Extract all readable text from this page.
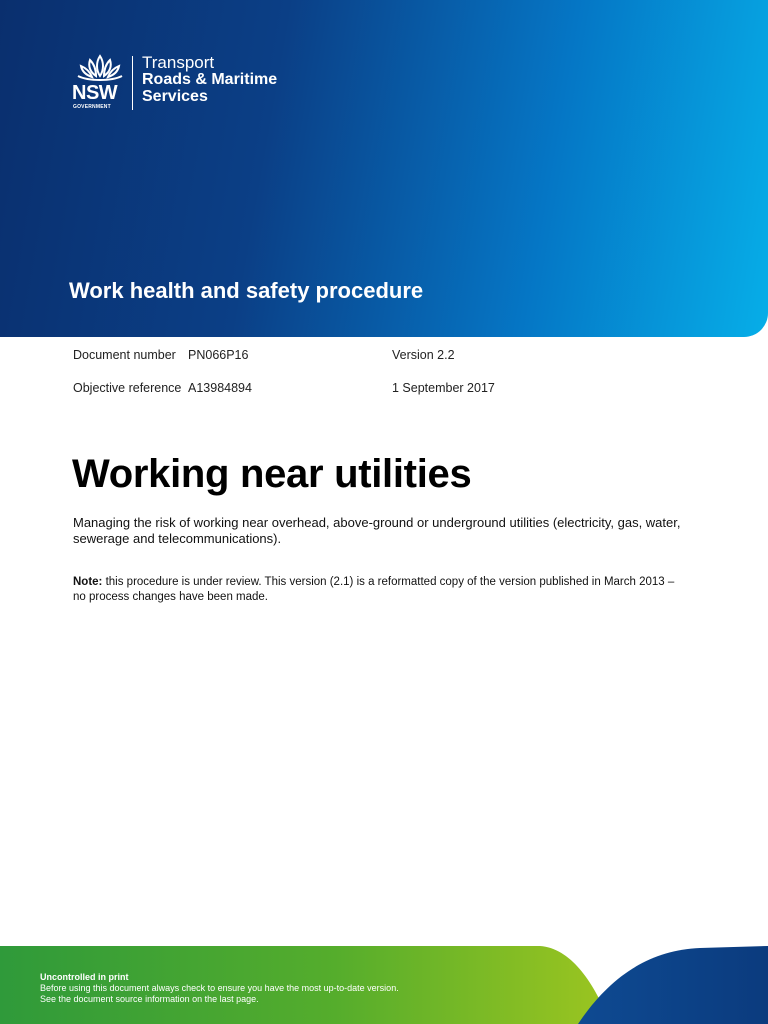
NSW
GOVERNMENT
Transport
Roads & Maritime
Services
Work health and safety procedure
Document number PN066P16	Version 2.2
Objective reference A13984894	1 September 2017
Working near utilities

Managing the risk of working near overhead, above-ground or underground utilities (electricity, gas, water, sewerage and telecommunications).

Note: this procedure is under review. This version (2.1) is a reformatted copy of the version published in March 2013 – no process changes have been made.

Uncontrolled in print
Before using this document always check to ensure you have the most up-to-date version.
See the document source information on the last page.
